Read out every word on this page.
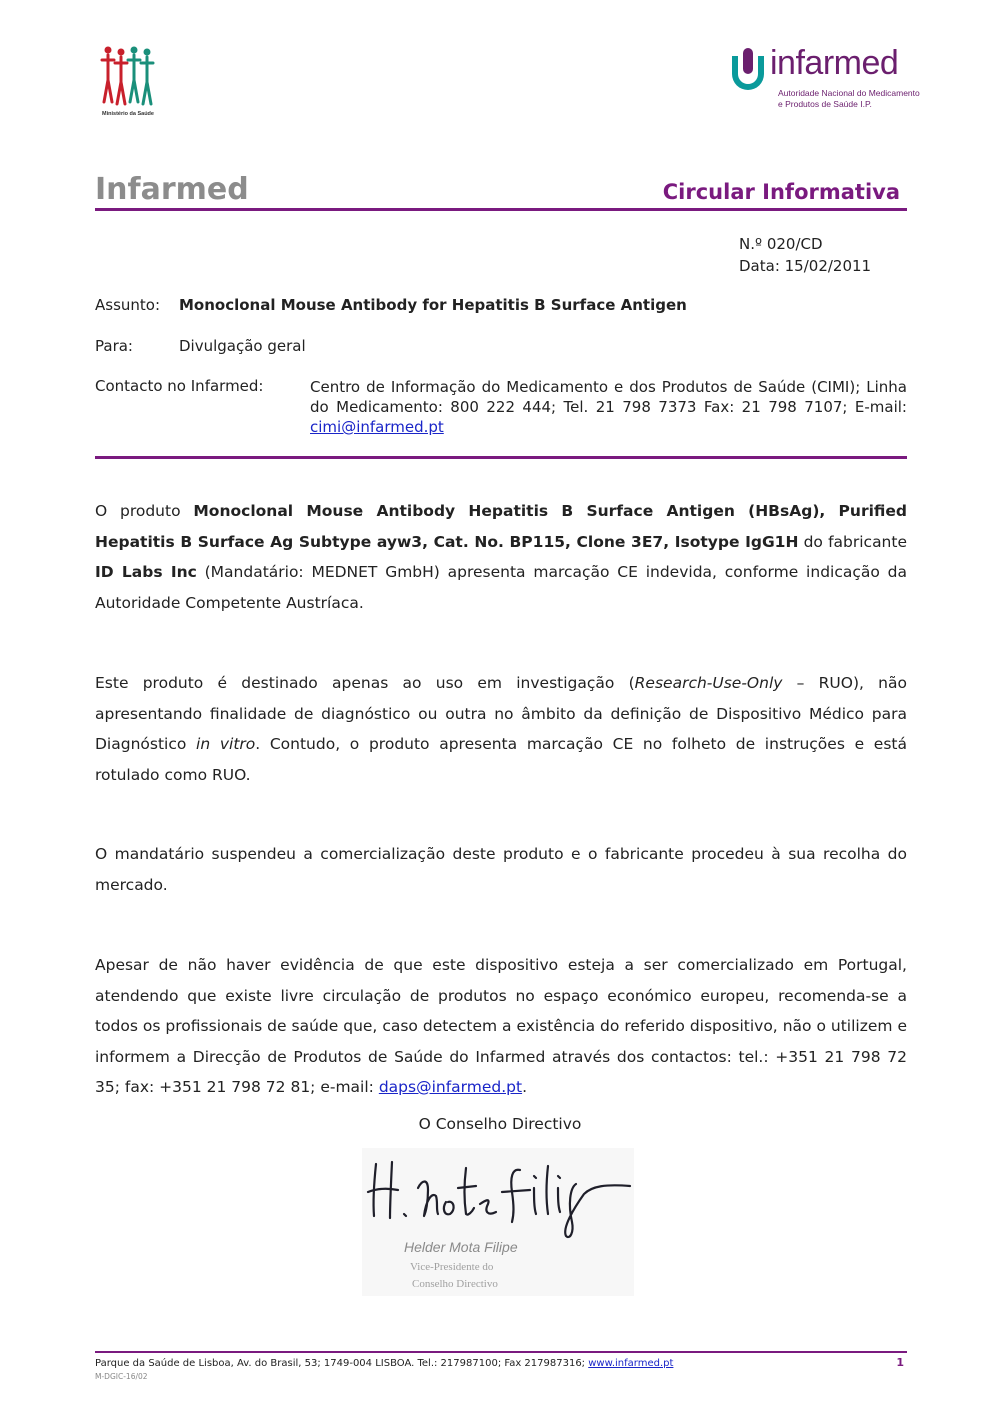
Ministério da Saúde
infarmed
Autoridade Nacional do Medicamento
e Produtos de Saúde I.P.
Infarmed	Circular Informativa
N.º 020/CD
Data: 15/02/2011
Assunto: Monoclonal Mouse Antibody for Hepatitis B Surface Antigen
Para:	Divulgação geral
Contacto no Infarmed:	Centro de Informação do Medicamento e dos Produtos de Saúde (CIMI); Linha do Medicamento: 800 222 444; Tel. 21 798 7373 Fax: 21 798 7107; E-mail: cimi@infarmed.pt

O produto Monoclonal Mouse Antibody Hepatitis B Surface Antigen (HBsAg), Purified Hepatitis B Surface Ag Subtype ayw3, Cat. No. BP115, Clone 3E7, Isotype IgG1H do fabricante ID Labs Inc (Mandatário: MEDNET GmbH) apresenta marcação CE indevida, conforme indicação da Autoridade Competente Austríaca.

Este produto é destinado apenas ao uso em investigação (Research-Use-Only – RUO), não apresentando finalidade de diagnóstico ou outra no âmbito da definição de Dispositivo Médico para Diagnóstico in vitro. Contudo, o produto apresenta marcação CE no folheto de instruções e está rotulado como RUO.

O mandatário suspendeu a comercialização deste produto e o fabricante procedeu à sua recolha do mercado.

Apesar de não haver evidência de que este dispositivo esteja a ser comercializado em Portugal, atendendo que existe livre circulação de produtos no espaço económico europeu, recomenda-se a todos os profissionais de saúde que, caso detectem a existência do referido dispositivo, não o utilizem e informem a Direcção de Produtos de Saúde do Infarmed através dos contactos: tel.: +351 21 798 72 35; fax: +351 21 798 72 81; e-mail: daps@infarmed.pt.

O Conselho Directivo
Helder Mota Filipe
Vice-Presidente do
Conselho Directivo
Parque da Saúde de Lisboa, Av. do Brasil, 53; 1749-004 LISBOA. Tel.: 217987100; Fax 217987316; www.infarmed.pt
M-DGIC-16/02
1
